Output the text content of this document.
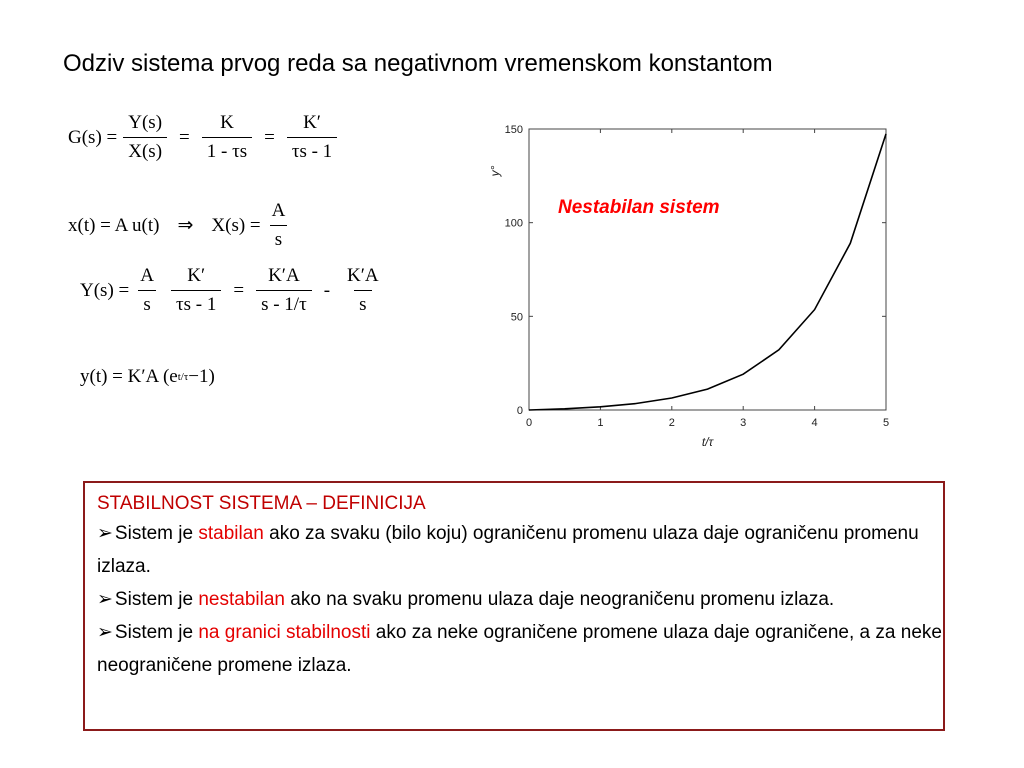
Odziv sistema prvog reda sa negativnom vremenskom konstantom
$G(s) = \frac{Y(s)}{X(s)} = \frac{K}{1 - \tau s} = \frac{K'}{\tau s - 1}$
x(t) = A u(t) ⇒ $X(s) = \frac{A}{s}$
$Y(s) = \frac{A}{s} \frac{K'}{\tau s - 1} = \frac{K'A}{s - 1/\tau} - \frac{K'A}{s}$
y(t) = K′A ( e t/τ −1)
0	1	2	3	4	5
0
50
100
150
t/τ
y°
Nestabilan sistem
STABILNOST SISTEMA – DEFINICIJA
➢ Sistem je stabilan ako za svaku (bilo koju) ograničenu promenu ulaza daje ograničenu promenu izlaza.
➢ Sistem je nestabilan ako na svaku promenu ulaza daje neograničenu promenu izlaza.
➢ Sistem je na granici stabilnosti ako za neke ograničene promene ulaza daje ograničene, a za neke neograničene promene izlaza.
